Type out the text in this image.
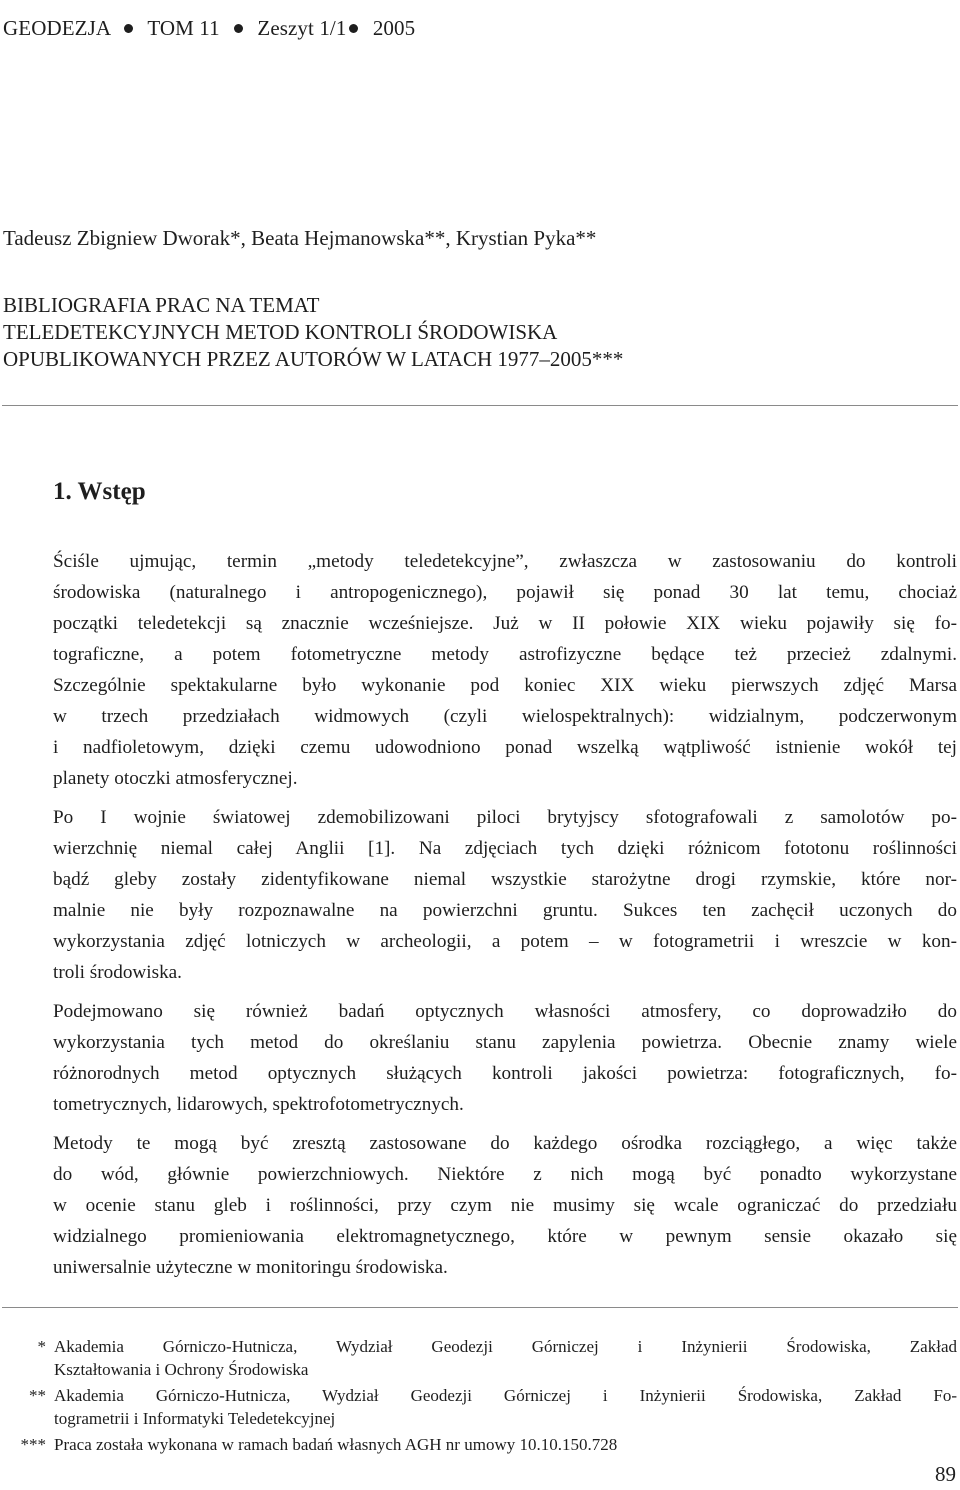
GEODEZJA TOM 11 Zeszyt 1/1 2005
Tadeusz Zbigniew Dworak*, Beata Hejmanowska**, Krystian Pyka**
BIBLIOGRAFIA PRAC NA TEMAT
TELEDETEKCYJNYCH METOD KONTROLI ŚRODOWISKA
OPUBLIKOWANYCH PRZEZ AUTORÓW W LATACH 1977–2005***
1. Wstęp

Ściśle ujmując, termin „metody teledetekcyjne”, zwłaszcza w zastosowaniu do kontroli
środowiska (naturalnego i antropogenicznego), pojawił się ponad 30 lat temu, chociaż
początki teledetekcji są znacznie wcześniejsze. Już w II połowie XIX wieku pojawiły się fo-
tograficzne, a potem fotometryczne metody astrofizyczne będące też przecież zdalnymi.
Szczególnie spektakularne było wykonanie pod koniec XIX wieku pierwszych zdjęć Marsa
w trzech przedziałach widmowych (czyli wielospektralnych): widzialnym, podczerwonym
i nadfioletowym, dzięki czemu udowodniono ponad wszelką wątpliwość istnienie wokół tej
planety otoczki atmosferycznej.

Po I wojnie światowej zdemobilizowani piloci brytyjscy sfotografowali z samolotów po-
wierzchnię niemal całej Anglii [1]. Na zdjęciach tych dzięki różnicom fototonu roślinności
bądź gleby zostały zidentyfikowane niemal wszystkie starożytne drogi rzymskie, które nor-
malnie nie były rozpoznawalne na powierzchni gruntu. Sukces ten zachęcił uczonych do
wykorzystania zdjęć lotniczych w archeologii, a potem – w fotogrametrii i wreszcie w kon-
troli środowiska.

Podejmowano się również badań optycznych własności atmosfery, co doprowadziło do
wykorzystania tych metod do określaniu stanu zapylenia powietrza. Obecnie znamy wiele
różnorodnych metod optycznych służących kontroli jakości powietrza: fotograficznych, fo-
tometrycznych, lidarowych, spektrofotometrycznych.

Metody te mogą być zresztą zastosowane do każdego ośrodka rozciągłego, a więc także
do wód, głównie powierzchniowych. Niektóre z nich mogą być ponadto wykorzystane
w ocenie stanu gleb i roślinności, przy czym nie musimy się wcale ograniczać do przedziału
widzialnego promieniowania elektromagnetycznego, które w pewnym sensie okazało się
uniwersalnie użyteczne w monitoringu środowiska.

* Akademia Górniczo-Hutnicza, Wydział Geodezji Górniczej i Inżynierii Środowiska, Zakład
Kształtowania i Ochrony Środowiska
** Akademia Górniczo-Hutnicza, Wydział Geodezji Górniczej i Inżynierii Środowiska, Zakład Fo-
togrametrii i Informatyki Teledetekcyjnej
*** Praca została wykonana w ramach badań własnych AGH nr umowy 10.10.150.728
89
